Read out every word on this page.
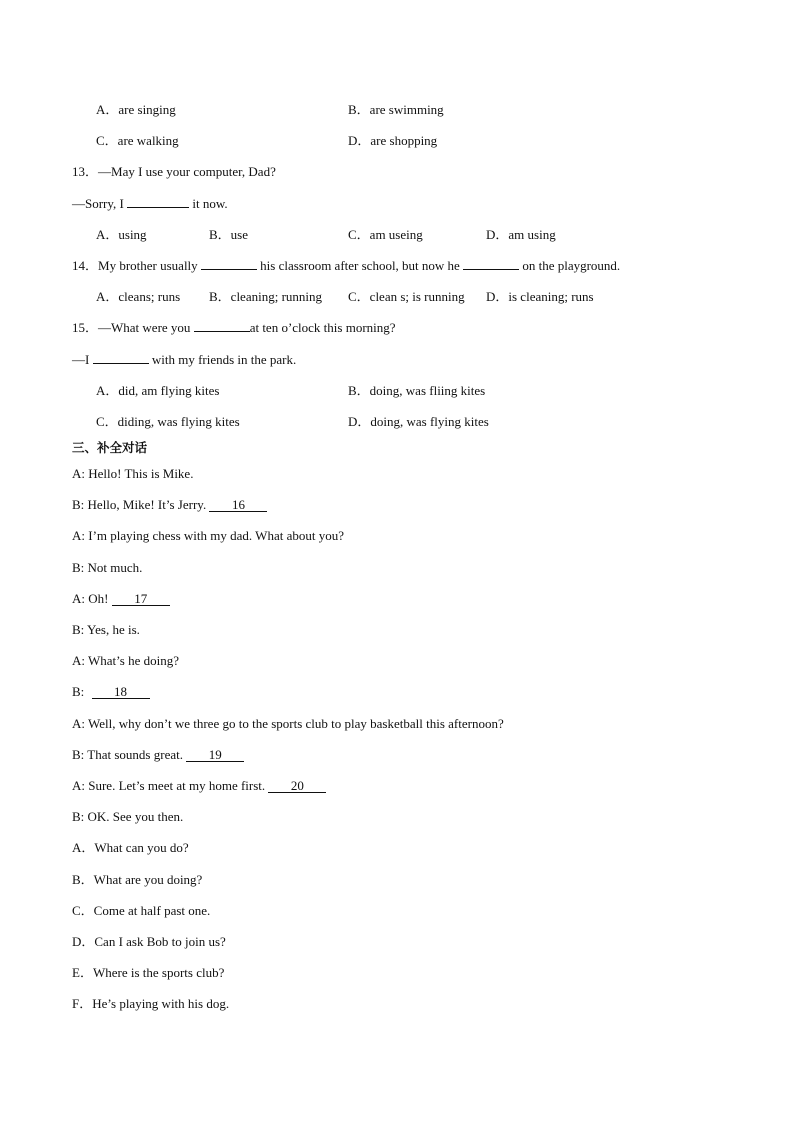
A．are singing	B．are swimming
C．are walking	D．are shopping
13．—May I use your computer, Dad?
—Sorry, I	it now.
A．using	B．use	C．am useing	D．am using
14．My brother usually	his classroom after school, but now he	on the playground.
A．cleans; runs B．cleaning; running C．clean s; is running D．is cleaning; runs
15．—What were you	at ten o’clock this morning?
—I	with my friends in the park.
A．did, am flying kites	B．doing, was fliing kites
C．diding, was flying kites	D．doing, was flying kites
三、补全对话
A: Hello! This is Mike.
B: Hello, Mike! It’s Jerry. 16
A: I’m playing chess with my dad. What about you?
B: Not much.
A: Oh! 17
B: Yes, he is.
A: What’s he doing?
B: 18
A: Well, why don’t we three go to the sports club to play basketball this afternoon?
B: That sounds great. 19
A: Sure. Let’s meet at my home first. 20
B: OK. See you then.
A．What can you do?
B．What are you doing?
C．Come at half past one.
D．Can I ask Bob to join us?
E．Where is the sports club?
F．He’s playing with his dog.
